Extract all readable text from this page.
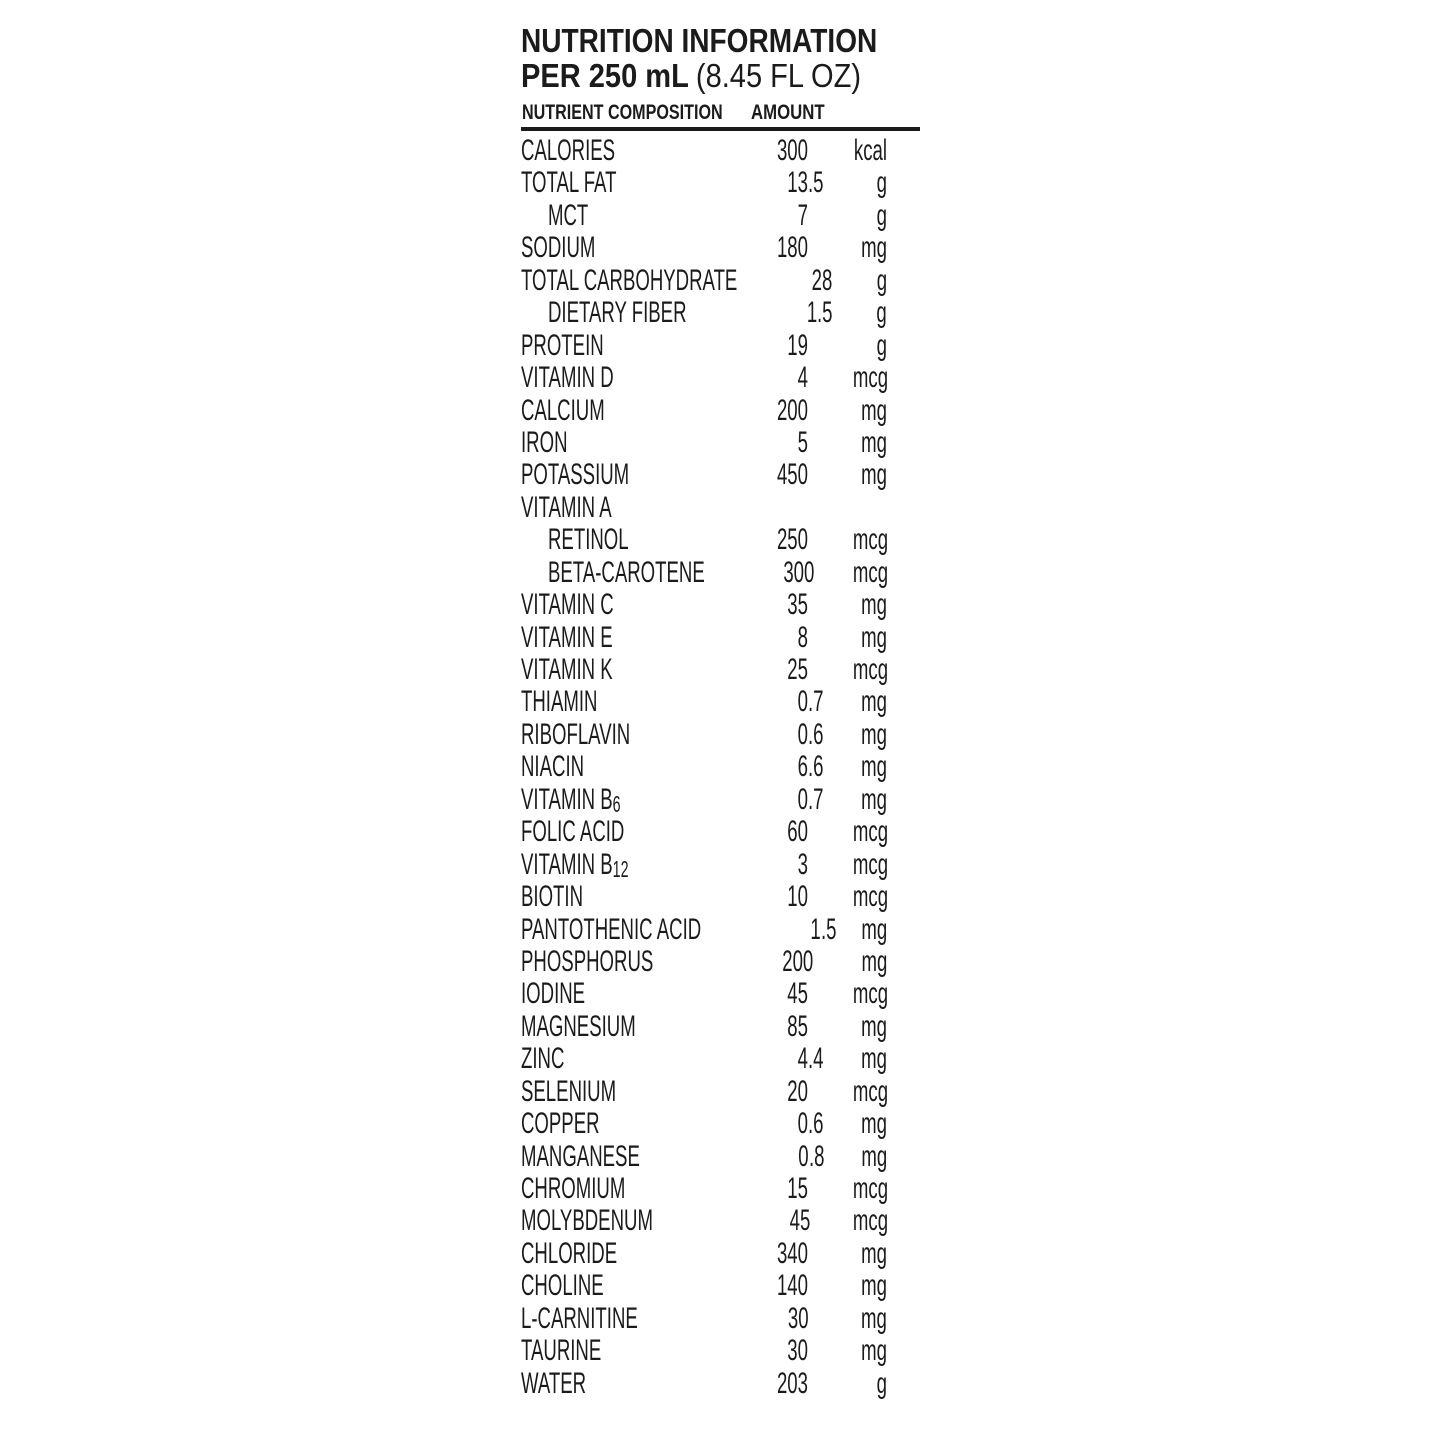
NUTRITION INFORMATION
PER 250 mL (8.45 FL OZ)
NUTRIENT COMPOSITION AMOUNT
CALORIES	300 kcal
TOTAL FAT	13 .5	g
MCT	7	g
SODIUM	180 mg
TOTAL CARBOHYDRATE	28	g
DIETARY FIBER	1 .5	g
PROTEIN	19	g
VITAMIN D	4 mcg
CALCIUM	200 mg
IRON	5 mg
POTASSIUM	450 mg
VITAMIN A
RETINOL	250 mcg
BETA-CAROTENE	300 mcg
VITAMIN C	35 mg
VITAMIN E	8 mg
VITAMIN K	25 mcg
THIAMIN	0 .7 mg
RIBOFLAVIN	0 .6 mg
NIACIN	6 .6 mg
VITAMIN B6	0 .7 mg
FOLIC ACID	60 mcg
VITAMIN B12	3 mcg
BIOTIN	10 mcg
PANTOTHENIC ACID	1 .5 mg
PHOSPHORUS	200 mg
IODINE	45 mcg
MAGNESIUM	85 mg
ZINC	4 .4 mg
SELENIUM	20 mcg
COPPER	0 .6 mg
MANGANESE	0 .8 mg
CHROMIUM	15 mcg
MOLYBDENUM	45 mcg
CHLORIDE	340 mg
CHOLINE	140 mg
L-CARNITINE	30 mg
TAURINE	30 mg
WATER	203	g
